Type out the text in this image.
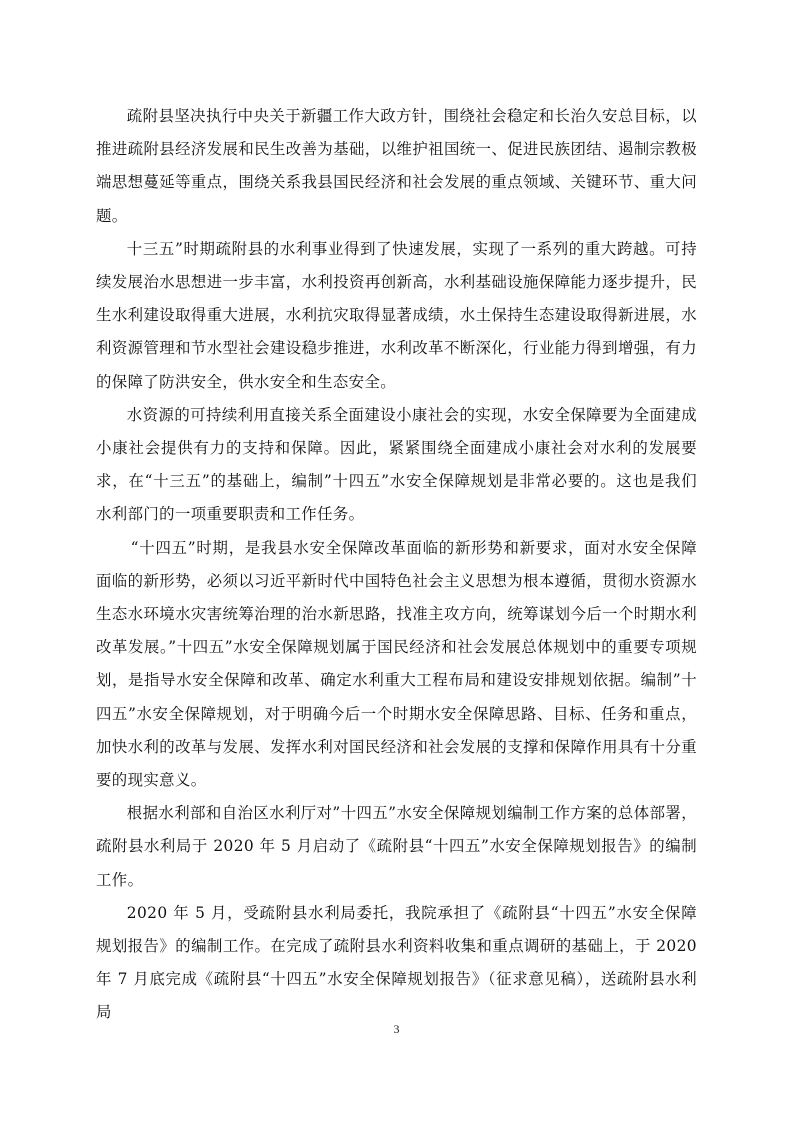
疏附县坚决执行中央关于新疆工作大政方针，围绕社会稳定和长治久安总目标，以推进疏附县经济发展和民生改善为基础，以维护祖国统一、促进民族团结、遏制宗教极端思想蔓延等重点，围绕关系我县国民经济和社会发展的重点领域、关键环节、重大问题。

十三五”时期疏附县的水利事业得到了快速发展，实现了一系列的重大跨越。可持续发展治水思想进一步丰富，水利投资再创新高，水利基础设施保障能力逐步提升，民生水利建设取得重大进展，水利抗灾取得显著成绩，水土保持生态建设取得新进展，水利资源管理和节水型社会建设稳步推进，水利改革不断深化，行业能力得到增强，有力的保障了防洪安全，供水安全和生态安全。

水资源的可持续利用直接关系全面建设小康社会的实现，水安全保障要为全面建成小康社会提供有力的支持和保障。因此，紧紧围绕全面建成小康社会对水利的发展要求，在“十三五”的基础上，编制”十四五”水安全保障规划是非常必要的。这也是我们水利部门的一项重要职责和工作任务。

“十四五”时期，是我县水安全保障改革面临的新形势和新要求，面对水安全保障面临的新形势，必须以习近平新时代中国特色社会主义思想为根本遵循，贯彻水资源水生态水环境水灾害统筹治理的治水新思路，找准主攻方向，统筹谋划今后一个时期水利改革发展。”十四五”水安全保障规划属于国民经济和社会发展总体规划中的重要专项规划，是指导水安全保障和改革、确定水利重大工程布局和建设安排规划依据。编制”十四五”水安全保障规划，对于明确今后一个时期水安全保障思路、目标、任务和重点，加快水利的改革与发展、发挥水利对国民经济和社会发展的支撑和保障作用具有十分重要的现实意义。

根据水利部和自治区水利厅对”十四五”水安全保障规划编制工作方案的总体部署，疏附县水利局于 2020 年 5 月启动了《疏附县“十四五”水安全保障规划报告》的编制工作。

2020 年 5 月，受疏附县水利局委托，我院承担了《疏附县“十四五”水安全保障规划报告》的编制工作。在完成了疏附县水利资料收集和重点调研的基础上，于 2020 年 7 月底完成《疏附县“十四五”水安全保障规划报告》（征求意见稿），送疏附县水利局

3
